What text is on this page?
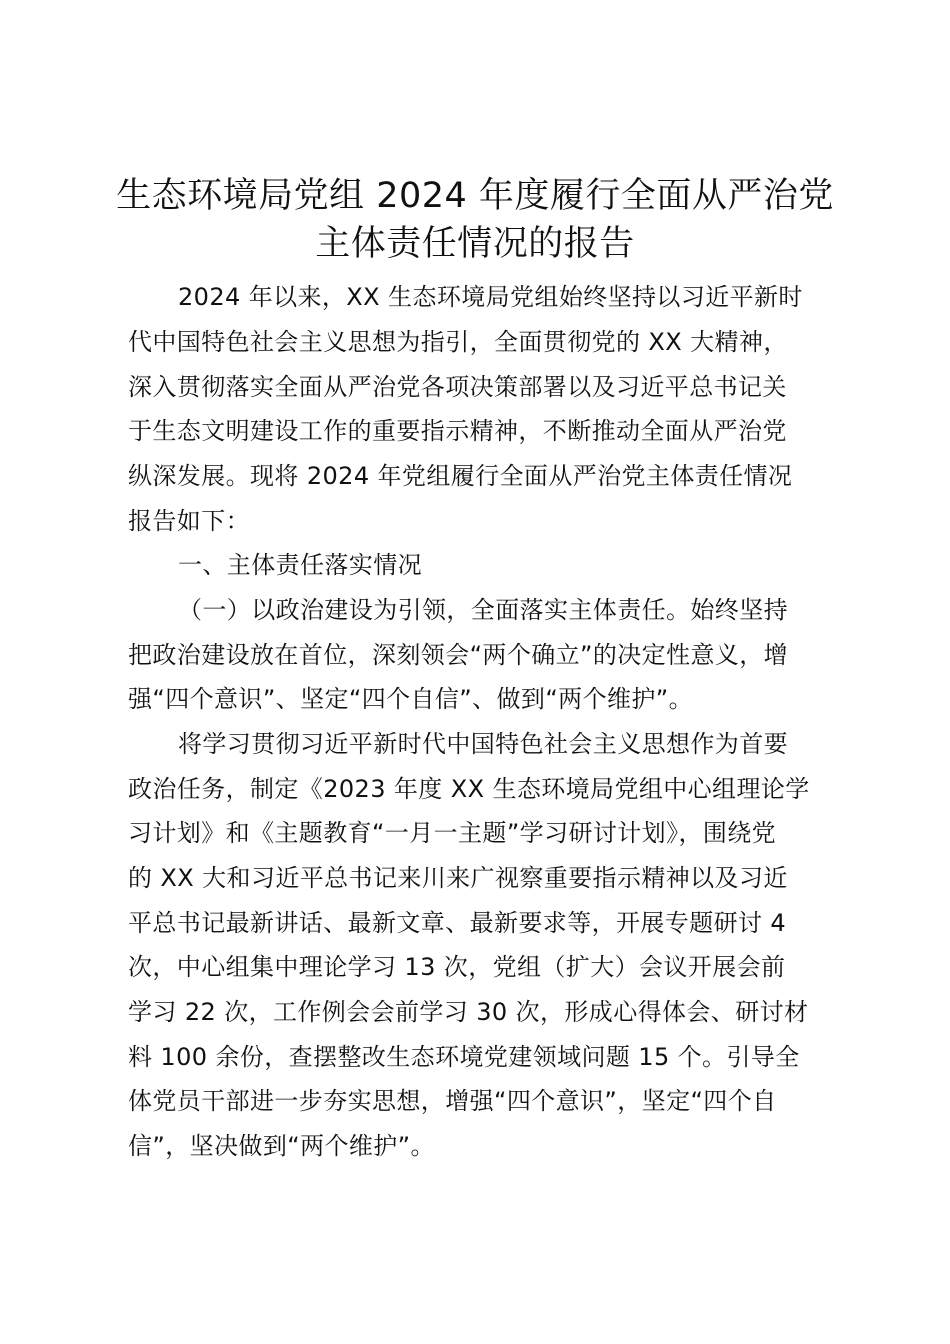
生态环境局党组 2024 年度履行全面从严治党
主体责任情况的报告
2024 年以来，XX 生态环境局党组始终坚持以习近平新时
代中国特色社会主义思想为指引，全面贯彻党的 XX 大精神，
深入贯彻落实全面从严治党各项决策部署以及习近平总书记关
于生态文明建设工作的重要指示精神，不断推动全面从严治党
纵深发展。现将 2024 年党组履行全面从严治党主体责任情况
报告如下：
一、主体责任落实情况
（一）以政治建设为引领，全面落实主体责任。始终坚持
把政治建设放在首位，深刻领会“两个确立”的决定性意义，增
强“四个意识”、坚定“四个自信”、做到“两个维护”。
将学习贯彻习近平新时代中国特色社会主义思想作为首要
政治任务，制定《2023 年度 XX 生态环境局党组中心组理论学
习计划》和《主题教育“一月一主题”学习研讨计划》，围绕党
的 XX 大和习近平总书记来川来广视察重要指示精神以及习近
平总书记最新讲话、最新文章、最新要求等，开展专题研讨 4
次，中心组集中理论学习 13 次，党组（扩大）会议开展会前
学习 22 次，工作例会会前学习 30 次，形成心得体会、研讨材
料 100 余份，查摆整改生态环境党建领域问题 15 个。引导全
体党员干部进一步夯实思想，增强“四个意识”，坚定“四个自
信”，坚决做到“两个维护”。
